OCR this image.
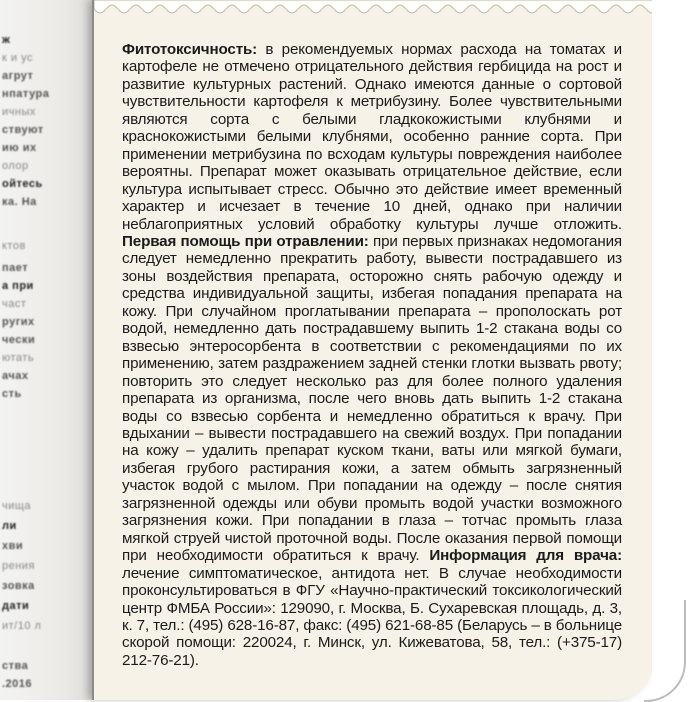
ж
к и ус
агрут
нпатура
ичных
ствуют
ию их
олор
ойтесь
ка. На
ктов
пает
а при
част
ругих
чески
ютать
ачах
сть
чища
ли
хви
рения
зовка
дати
ит/10 л
ства
.2016
Фитотоксичность: в рекомендуемых нормах расхода на томатах и картофеле не отмечено отрицательного действия гербицида на рост и развитие культурных растений. Однако имеются данные о сортовой чувствительности картофеля к метрибузину. Более чувствительными являются сорта с белыми гладкокожистыми клубнями и краснокожистыми белыми клубнями, особенно ранние сорта. При применении метрибузина по всходам культуры повреждения наиболее вероятны. Препарат может оказывать отрицательное действие, если культура испытывает стресс. Обычно это действие имеет временный характер и исчезает в течение 10 дней, однако при наличии неблагоприятных условий обработку культуры лучше отложить. Первая помощь при отравлении: при первых признаках недомогания следует немедленно прекратить работу, вывести пострадавшего из зоны воздействия препарата, осторожно снять рабочую одежду и средства индивидуальной защиты, избегая попадания препарата на кожу. При случайном проглатывании препарата – прополоскать рот водой, немедленно дать пострадавшему выпить 1-2 стакана воды со взвесью энтеросорбента в соответствии с рекомендациями по их применению, затем раздражением задней стенки глотки вызвать рвоту; повторить это следует несколько раз для более полного удаления препарата из организма, после чего вновь дать выпить 1-2 стакана воды со взвесью сорбента и немедленно обратиться к врачу. При вдыхании – вывести пострадавшего на свежий воздух. При попадании на кожу – удалить препарат куском ткани, ваты или мягкой бумаги, избегая грубого растирания кожи, а затем обмыть загрязненный участок водой с мылом. При попадании на одежду – после снятия загрязненной одежды или обуви промыть водой участки возможного загрязнения кожи. При попадании в глаза – тотчас промыть глаза мягкой струей чистой проточной воды. После оказания первой помощи при необходимости обратиться к врачу. Информация для врача: лечение симптоматическое, антидота нет. В случае необходимости проконсультироваться в ФГУ «Научно-практический токсикологический центр ФМБА России»: 129090, г. Москва, Б. Сухаревская площадь, д. 3, к. 7, тел.: (495) 628-16-87, факс: (495) 621-68-85 (Беларусь – в больнице скорой помощи: 220024, г. Минск, ул. Кижеватова, 58, тел.: (+375-17) 212-76-21).
